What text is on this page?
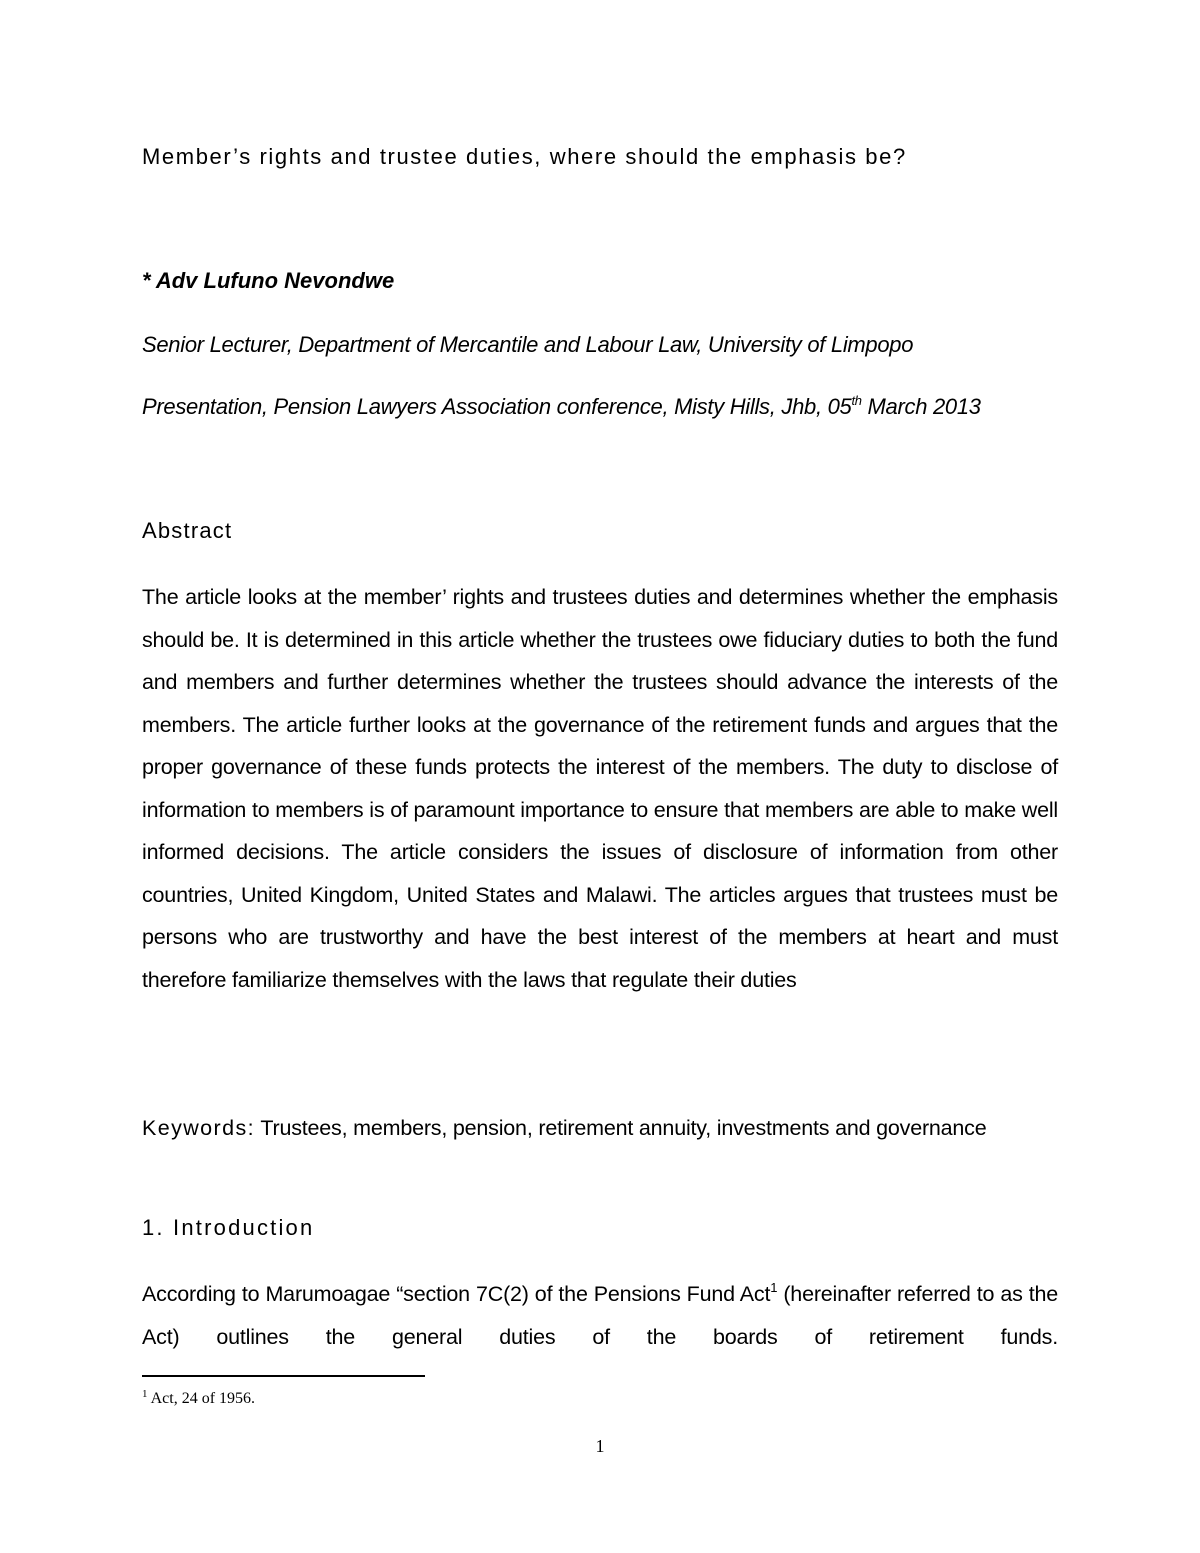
Member’s rights and trustee duties, where should the emphasis be?
* Adv Lufuno Nevondwe
Senior Lecturer, Department of Mercantile and Labour Law, University of Limpopo
Presentation, Pension Lawyers Association conference, Misty Hills, Jhb, 05th March 2013
Abstract

The article looks at the member’ rights and trustees duties and determines whether the emphasis should be. It is determined in this article whether the trustees owe fiduciary duties to both the fund and members and further determines whether the trustees should advance the interests of the members. The article further looks at the governance of the retirement funds and argues that the proper governance of these funds protects the interest of the members. The duty to disclose of information to members is of paramount importance to ensure that members are able to make well informed decisions. The article considers the issues of disclosure of information from other countries, United Kingdom, United States and Malawi. The articles argues that trustees must be persons who are trustworthy and have the best interest of the members at heart and must therefore familiarize themselves with the laws that regulate their duties

Keywords: Trustees, members, pension, retirement annuity, investments and governance

1. Introduction

According to Marumoagae “section 7C(2) of the Pensions Fund Act$^1$ (hereinafter referred to as the Act) outlines the general duties of the boards of retirement funds.

$^1$ Act, 24 of 1956.
1
